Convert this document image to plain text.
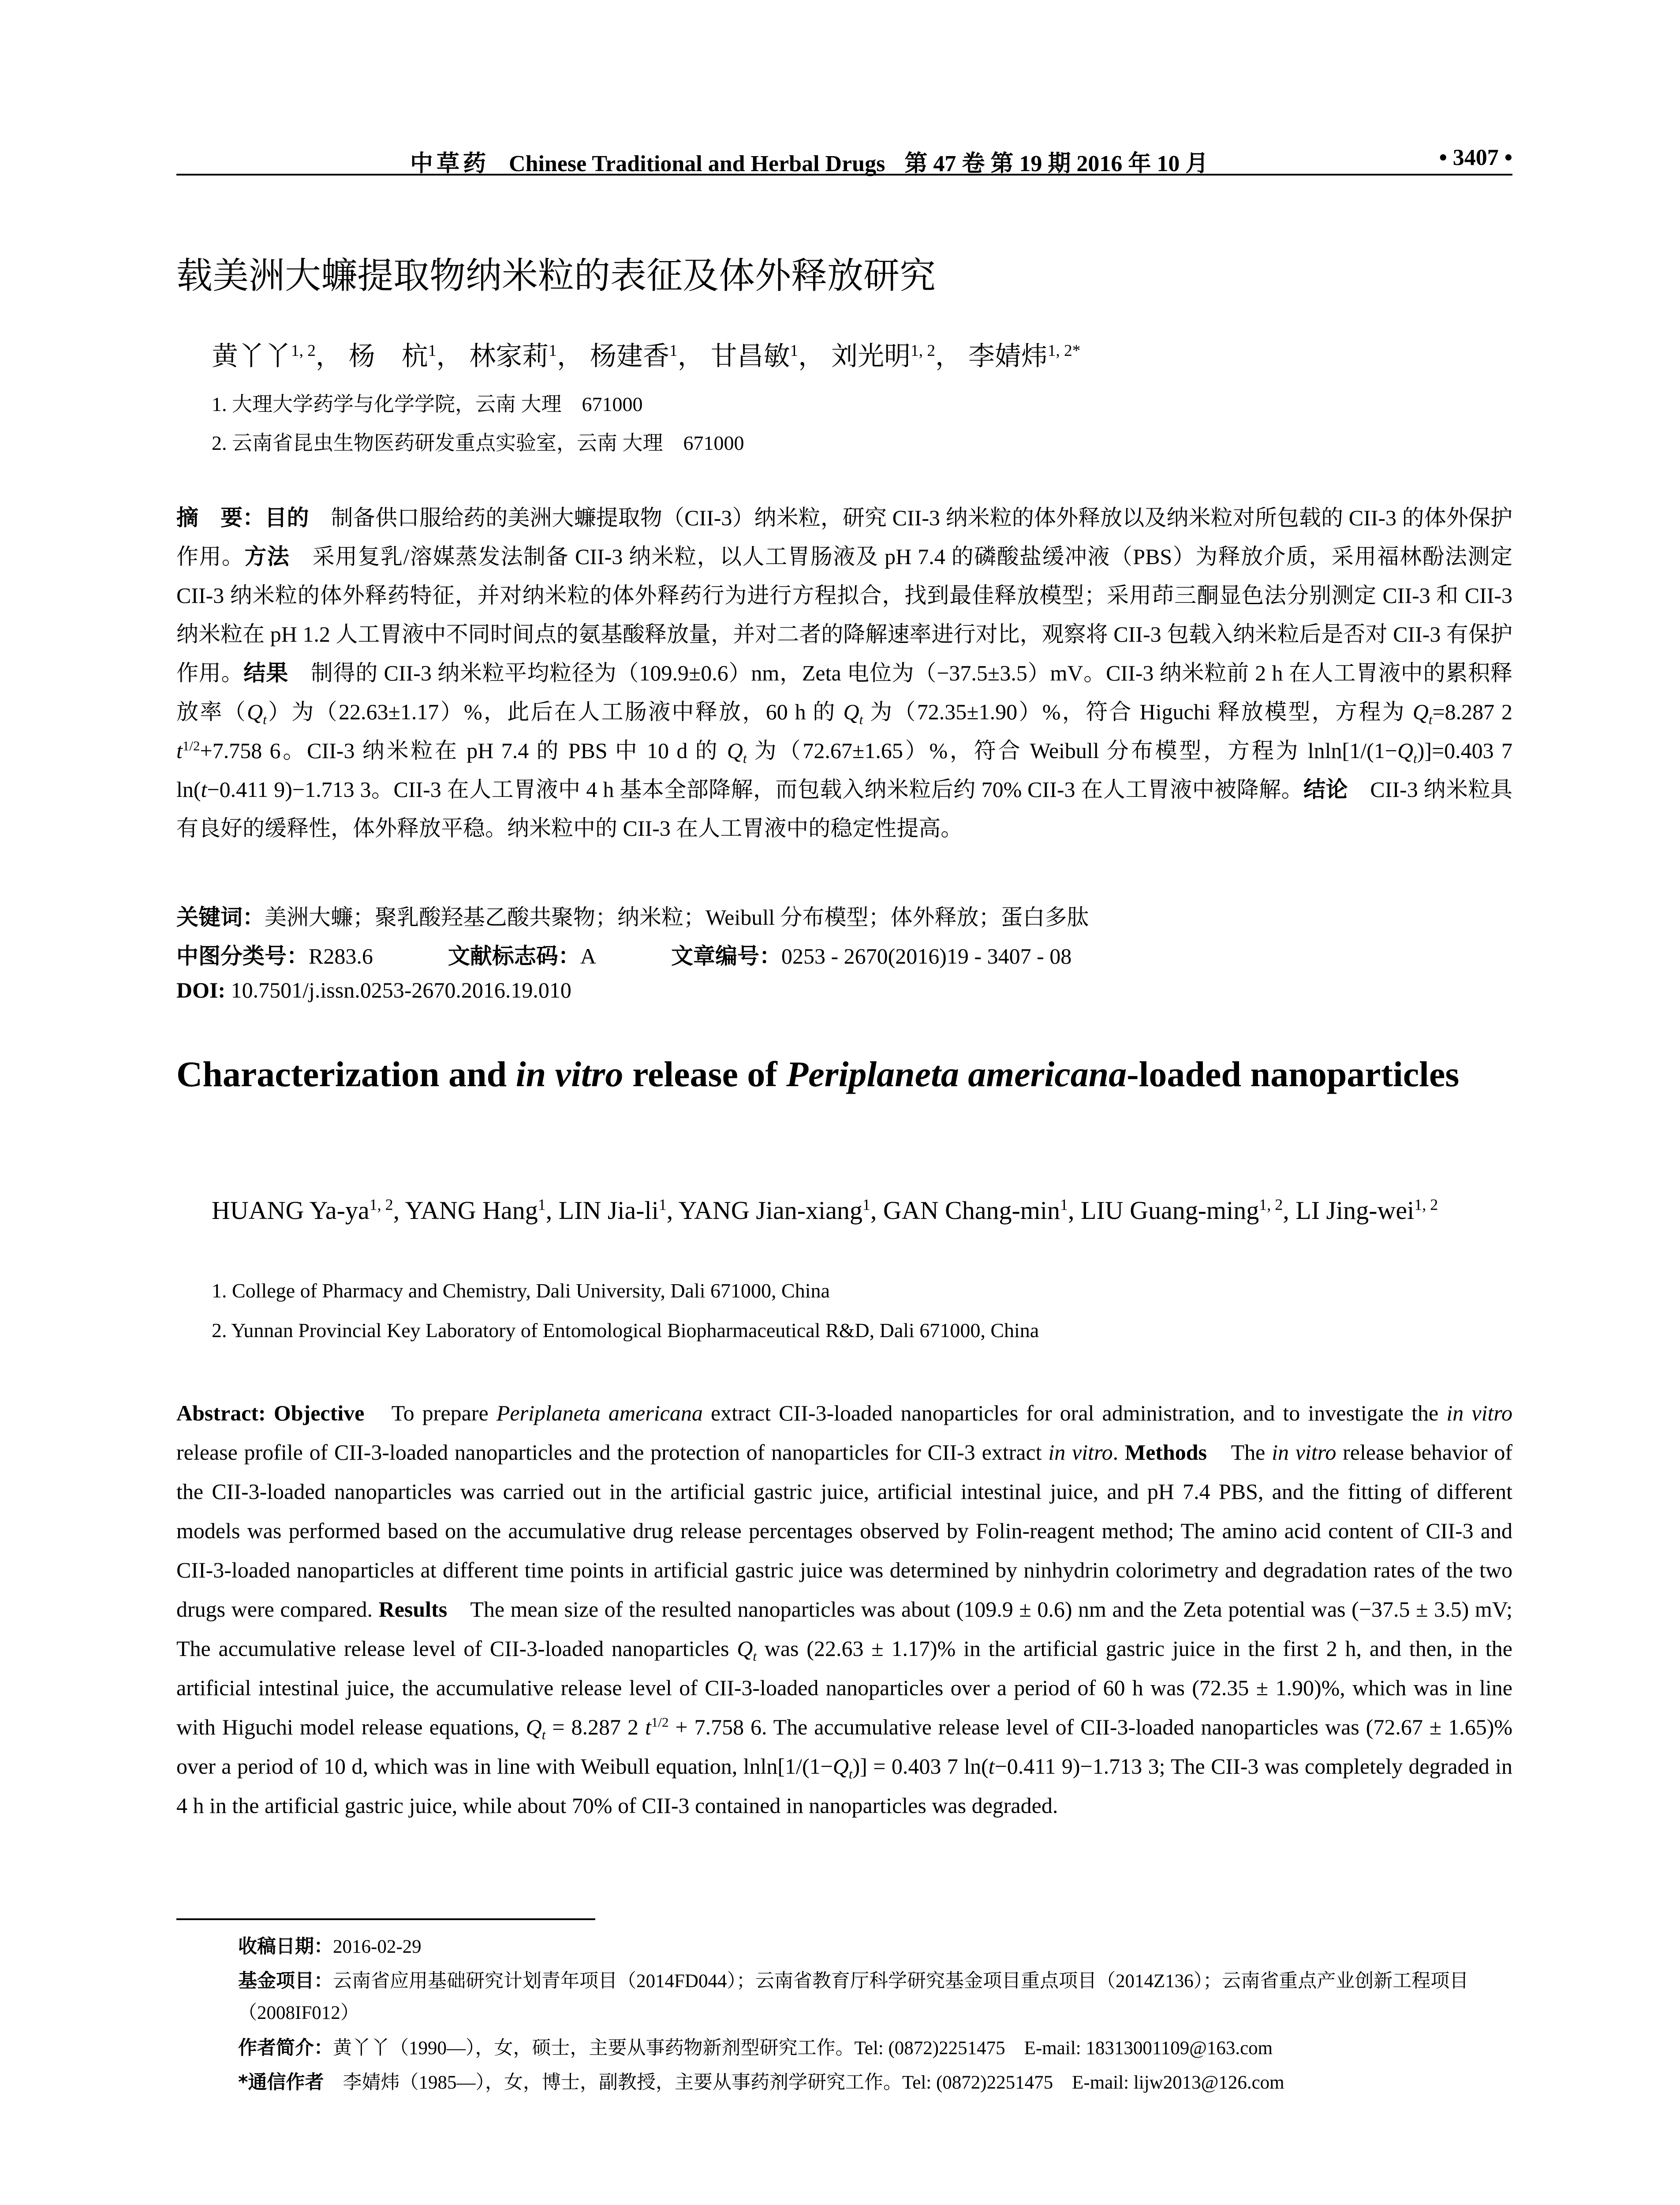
中草药 Chinese Traditional and Herbal Drugs 第 47 卷 第 19 期 2016 年 10 月	• 3407 •
载美洲大蠊提取物纳米粒的表征及体外释放研究
黄丫丫$^{1, 2}$， 杨　杭$^1$， 林家莉$^1$， 杨建香$^1$， 甘昌敏$^1$， 刘光明$^{1, 2}$， 李婧炜$^{1, 2*}$
1. 大理大学药学与化学学院，云南 大理　671000
2. 云南省昆虫生物医药研发重点实验室，云南 大理　671000
摘　要：目的　 制备供口服给药的美洲大蠊提取物（CII-3）纳米粒，研究 CII-3 纳米粒的体外释放以及纳米粒对所包载的 CII-3 的体外保护作用。方法　 采用复乳/溶媒蒸发法制备 CII-3 纳米粒，以人工胃肠液及 pH 7.4 的磷酸盐缓冲液（PBS）为释放介质，采用福林酚法测定 CII-3 纳米粒的体外释药特征，并对纳米粒的体外释药行为进行方程拟合，找到最佳释放模型；采用茚三酮显色法分别测定 CII-3 和 CII-3 纳米粒在 pH 1.2 人工胃液中不同时间点的氨基酸释放量，并对二者的降解速率进行对比，观察将 CII-3 包载入纳米粒后是否对 CII-3 有保护作用。结果　 制得的 CII-3 纳米粒平均粒径为（109.9±0.6）nm，Zeta 电位为（−37.5±3.5）mV。CII-3 纳米粒前 2 h 在人工胃液中的累积释放率$(Q_t)$为（22.63±1.17）%，此后在人工肠液中释放，60 h 的 $Q_t$ 为（72.35±1.90）%，符合 Higuchi 释放模型，方程为 $Q_t=8.287$ 2 $t^{1/2}+7.758$ 6。CII-3 纳米粒在 pH 7.4 的 PBS 中 10 d 的 $Q_t$ 为（72.67±1.65）%，符合 Weibull 分布模型，方程为 $lnln[1/(1-Q_t)]=0.403$ 7 ln(t−0.411 9)−1.713 3。CII-3 在人工胃液中 4 h 基本全部降解，而包载入纳米粒后约 70% CII-3 在人工胃液中被降解。结论　 CII-3 纳米粒具有良好的缓释性，体外释放平稳。纳米粒中的 CII-3 在人工胃液中的稳定性提高。
关键词：美洲大蠊；聚乳酸羟基乙酸共聚物；纳米粒；Weibull 分布模型；体外释放；蛋白多肽
中图分类号：R283.6	文献标志码：A	文章编号：0253 - 2670(2016)19 - 3407 - 08
DOI: 10.7501/j.issn.0253-2670.2016.19.010
Characterization and in vitro release of Periplaneta americana-loaded nanoparticles
HUANG Ya-ya$^{1, 2}$, YANG Hang$^1$, LIN Jia-$li^1$, YANG Jian-xiang$^1$, GAN Chang-$\min^1$, LIU Guang-ming$^{1, 2}$, LI Jing-wei$^{1, 2}$
1. College of Pharmacy and Chemistry, Dali University, Dali 671000, China
2. Yunnan Provincial Key Laboratory of Entomological Biopharmaceutical R&D, Dali 671000, China
Abstract: Objective　 To prepare Periplaneta americana extract CII-3-loaded nanoparticles for oral administration, and to investigate the in vitro release profile of CII-3-loaded nanoparticles and the protection of nanoparticles for CII-3 extract in vitro. Methods　 The in vitro release behavior of the CII-3-loaded nanoparticles was carried out in the artificial gastric juice, artificial intestinal juice, and pH 7.4 PBS, and the fitting of different models was performed based on the accumulative drug release percentages observed by Folin-reagent method; The amino acid content of CII-3 and CII-3-loaded nanoparticles at different time points in artificial gastric juice was determined by ninhydrin colorimetry and degradation rates of the two drugs were compared. Results　 The mean size of the resulted nanoparticles was about (109.9 ± 0.6) nm and the Zeta potential was (−37.5 ± 3.5) mV; The accumulative release level of CII-3-loaded nanoparticles $Q_t$ was (22.63 ± 1.17)% in the artificial gastric juice in the first 2 h, and then, in the artificial intestinal juice, the accumulative release level of CII-3-loaded nanoparticles over a period of 60 h was (72.35 ± 1.90)%, which was in line with Higuchi model release equations, $Q_t = 8.287$ 2 $t^{1/2} + 7.758$ 6. The accumulative release level of CII-3-loaded nanoparticles was (72.67 ± 1.65)% over a period of 10 d, which was in line with Weibull equation, $lnln[1/(1-Q_t)] = 0.403$ 7 ln(t−0.411 9)−1.713 3; The CII-3 was completely degraded in 4 h in the artificial gastric juice, while about 70% of CII-3 contained in nanoparticles was degraded.
收稿日期：2016-02-29
基金项目：云南省应用基础研究计划青年项目（2014FD044）；云南省教育厅科学研究基金项目重点项目（2014Z136）；云南省重点产业创新工程项目（2008IF012）
作者简介：黄丫丫（1990—），女，硕士，主要从事药物新剂型研究工作。Tel: (0872)2251475　E-mail: 18313001109@163.com
*通信作者　 李婧炜（1985—），女，博士，副教授，主要从事药剂学研究工作。Tel: (0872)2251475　E-mail: lijw2013@126.com
